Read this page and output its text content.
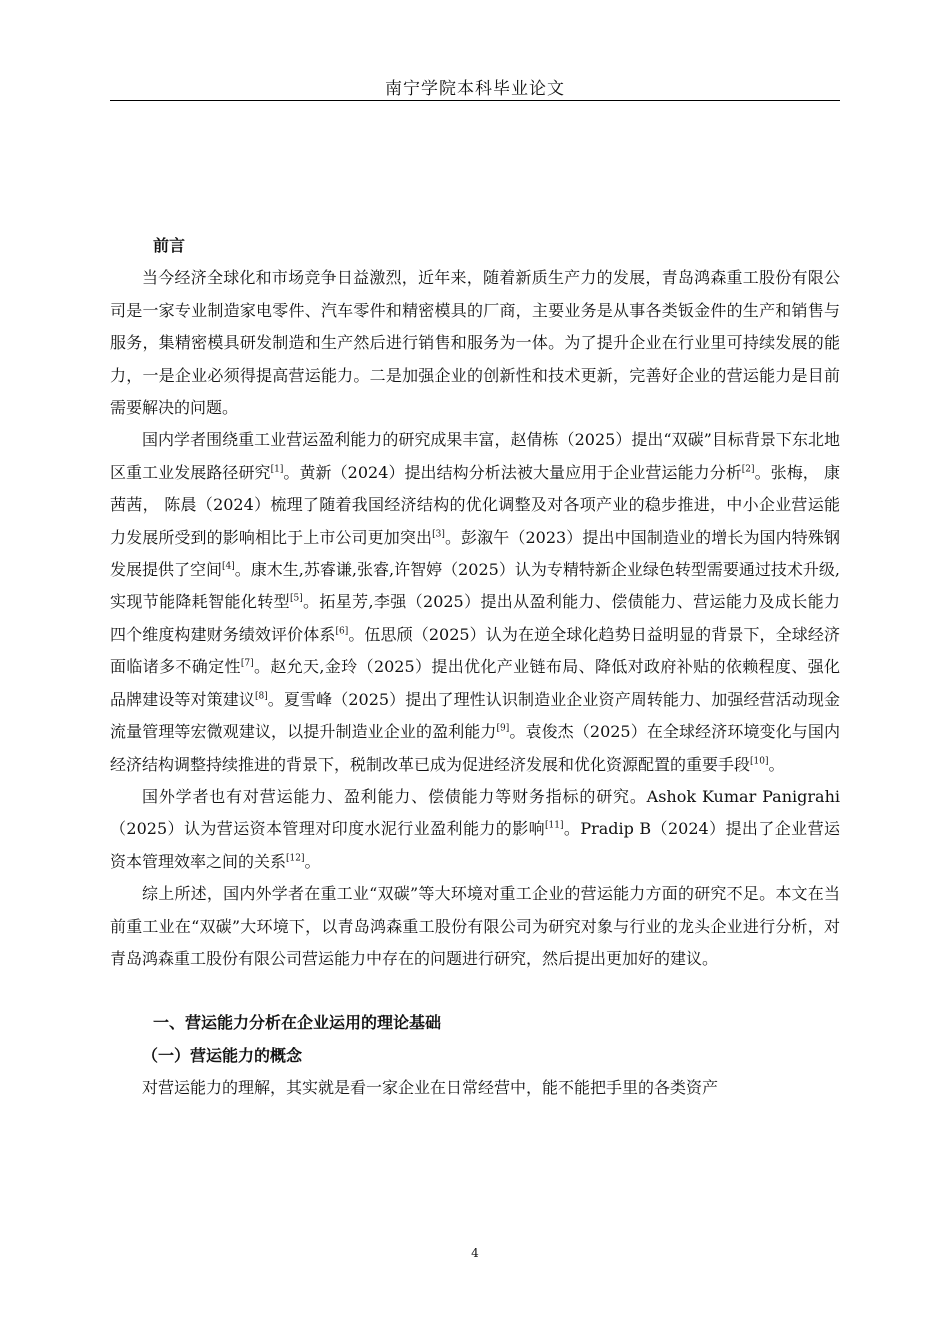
南宁学院本科毕业论文

前言

当今经济全球化和市场竞争日益激烈，近年来，随着新质生产力的发展，青岛鸿森重工股份有限公司是一家专业制造家电零件、汽车零件和精密模具的厂商，主要业务是从事各类钣金件的生产和销售与服务，集精密模具研发制造和生产然后进行销售和服务为一体。为了提升企业在行业里可持续发展的能力，一是企业必须得提高营运能力。二是加强企业的创新性和技术更新，完善好企业的营运能力是目前需要解决的问题。

国内学者围绕重工业营运盈利能力的研究成果丰富，赵倩栋（2025）提出“双碳”目标背景下东北地区重工业发展路径研究[1]。黄新（2024）提出结构分析法被大量应用于企业营运能力分析[2]。张梅， 康茜茜， 陈晨（2024）梳理了随着我国经济结构的优化调整及对各项产业的稳步推进，中小企业营运能力发展所受到的影响相比于上市公司更加突出[3]。彭溆午（2023）提出中国制造业的增长为国内特殊钢发展提供了空间[4]。康木生,苏睿谦,张睿,许智婷（2025）认为专精特新企业绿色转型需要通过技术升级,实现节能降耗智能化转型[5]。拓星芳,李强（2025）提出从盈利能力、偿债能力、营运能力及成长能力四个维度构建财务绩效评价体系[6]。伍思颀（2025）认为在逆全球化趋势日益明显的背景下，全球经济面临诸多不确定性[7]。赵允天,金玲（2025）提出优化产业链布局、降低对政府补贴的依赖程度、强化品牌建设等对策建议[8]。夏雪峰（2025）提出了理性认识制造业企业资产周转能力、加强经营活动现金流量管理等宏微观建议，以提升制造业企业的盈利能力[9]。袁俊杰（2025）在全球经济环境变化与国内经济结构调整持续推进的背景下，税制改革已成为促进经济发展和优化资源配置的重要手段[10]。

国外学者也有对营运能力、盈利能力、偿债能力等财务指标的研究。Ashok Kumar Panigrahi（2025）认为营运资本管理对印度水泥行业盈利能力的影响[11]。Pradip B（2024）提出了企业营运资本管理效率之间的关系[12]。

综上所述，国内外学者在重工业“双碳”等大环境对重工企业的营运能力方面的研究不足。本文在当前重工业在“双碳”大环境下，以青岛鸿森重工股份有限公司为研究对象与行业的龙头企业进行分析，对青岛鸿森重工股份有限公司营运能力中存在的问题进行研究，然后提出更加好的建议。

一、营运能力分析在企业运用的理论基础

（一）营运能力的概念

对营运能力的理解，其实就是看一家企业在日常经营中，能不能把手里的各类资产

4
